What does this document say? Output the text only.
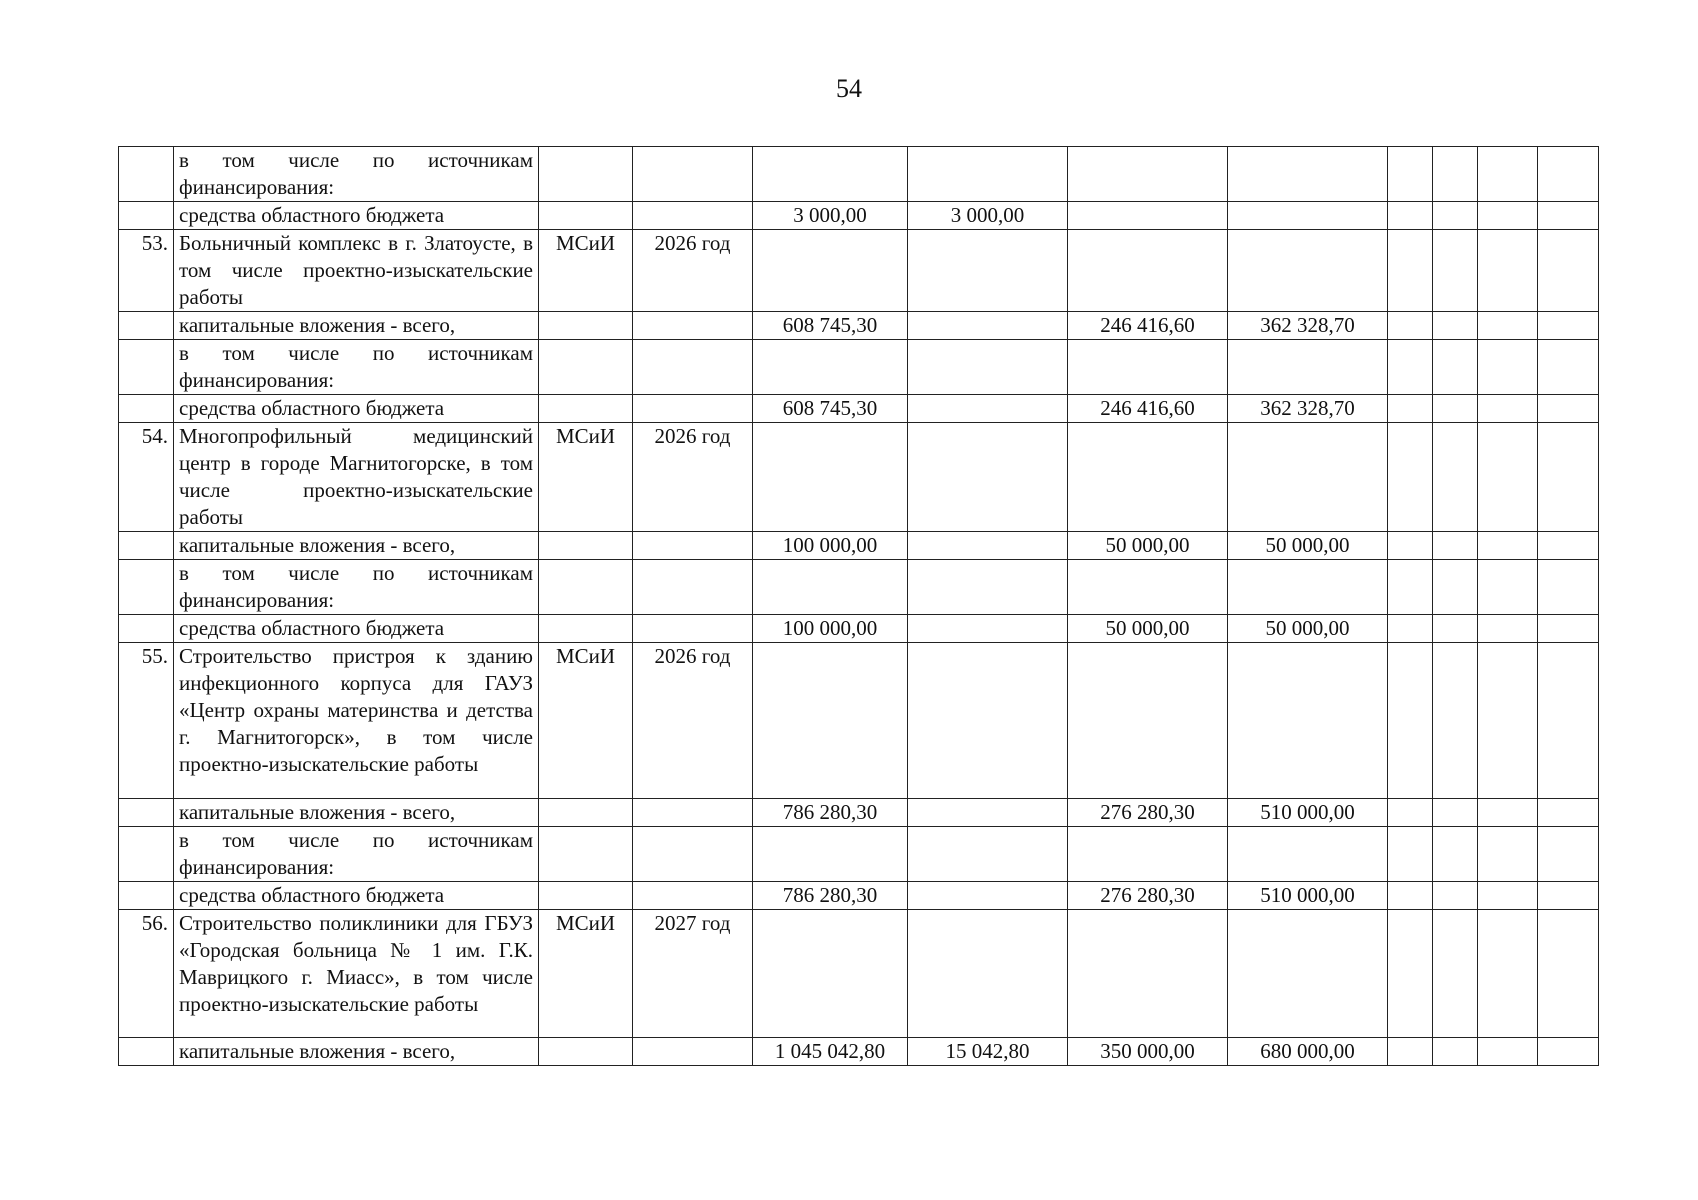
54
	в том числе по источникам финансирования:										
	средства областного бюджета			3 000,00	3 000,00						
53.	Больничный комплекс в г. Златоусте, в том числе проектно-изыскательские работы	МСиИ	2026 год								
	капитальные вложения - всего,			608 745,30		246 416,60	362 328,70				
	в том числе по источникам финансирования:										
	средства областного бюджета			608 745,30		246 416,60	362 328,70				
54.	Многопрофильный медицинский центр в городе Магнитогорске, в том числе проектно-изыскательские работы	МСиИ	2026 год								
	капитальные вложения - всего,			100 000,00		50 000,00	50 000,00				
	в том числе по источникам финансирования:										
	средства областного бюджета			100 000,00		50 000,00	50 000,00				
55.	Строительство пристроя к зданию инфекционного корпуса для ГАУЗ «Центр охраны материнства и детства г. Магнитогорск», в том числе проектно-изыскательские работы	МСиИ	2026 год								
	капитальные вложения - всего,			786 280,30		276 280,30	510 000,00				
	в том числе по источникам финансирования:										
	средства областного бюджета			786 280,30		276 280,30	510 000,00				
56.	Строительство поликлиники для ГБУЗ «Городская больница № 1 им. Г.К. Маврицкого г. Миасс», в том числе проектно-изыскательские работы	МСиИ	2027 год								
	капитальные вложения - всего,			1 045 042,80	15 042,80	350 000,00	680 000,00				
